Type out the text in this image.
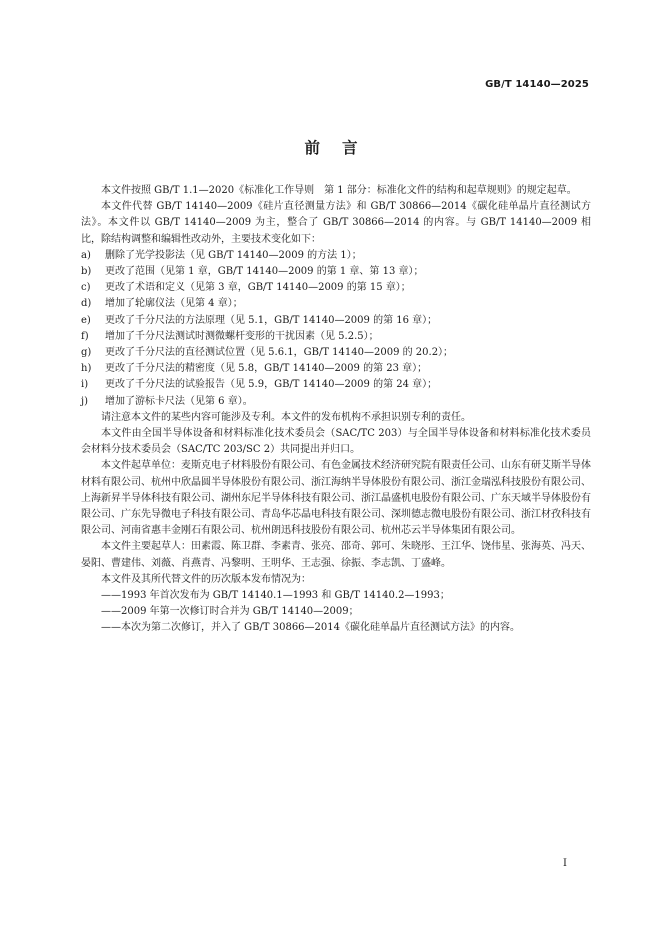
GB/T 14140—2025
前言

本文件按照 GB/T 1.1—2020《标准化工作导则　第 1 部分：标准化文件的结构和起草规则》的规定起草。

本文件代替 GB/T 14140—2009《硅片直径测量方法》和 GB/T 30866—2014《碳化硅单晶片直径测试方法》。本文件以 GB/T 14140—2009 为主，整合了 GB/T 30866—2014 的内容。与 GB/T 14140—2009 相比，除结构调整和编辑性改动外，主要技术变化如下：

a)	删除了光学投影法（见 GB/T 14140—2009 的方法 1）；
b)	更改了范围（见第 1 章，GB/T 14140—2009 的第 1 章、第 13 章）；
c)	更改了术语和定义（见第 3 章，GB/T 14140—2009 的第 15 章）；
d)	增加了轮廓仪法（见第 4 章）；
e)	更改了千分尺法的方法原理（见 5.1，GB/T 14140—2009 的第 16 章）；
f)	增加了千分尺法测试时测微螺杆变形的干扰因素（见 5.2.5）；
g)	更改了千分尺法的直径测试位置（见 5.6.1，GB/T 14140—2009 的 20.2）；
h)	更改了千分尺法的精密度（见 5.8，GB/T 14140—2009 的第 23 章）；
i)	更改了千分尺法的试验报告（见 5.9，GB/T 14140—2009 的第 24 章）；
j)	增加了游标卡尺法（见第 6 章）。

请注意本文件的某些内容可能涉及专利。本文件的发布机构不承担识别专利的责任。

本文件由全国半导体设备和材料标准化技术委员会（SAC/TC 203）与全国半导体设备和材料标准化技术委员会材料分技术委员会（SAC/TC 203/SC 2）共同提出并归口。

本文件起草单位：麦斯克电子材料股份有限公司、有色金属技术经济研究院有限责任公司、山东有研艾斯半导体材料有限公司、杭州中欣晶圆半导体股份有限公司、浙江海纳半导体股份有限公司、浙江金瑞泓科技股份有限公司、上海新昇半导体科技有限公司、湖州东尼半导体科技有限公司、浙江晶盛机电股份有限公司、广东天域半导体股份有限公司、广东先导微电子科技有限公司、青岛华芯晶电科技有限公司、深圳德志微电股份有限公司、浙江材孜科技有限公司、河南省惠丰金刚石有限公司、杭州朗迅科技股份有限公司、杭州芯云半导体集团有限公司。

本文件主要起草人：田素霞、陈卫群、李素青、张亮、邵奇、郭可、朱晓彤、王江华、饶伟星、张海英、冯天、晏阳、曹建伟、刘薇、肖燕青、冯黎明、王明华、王志强、徐振、李志凯、丁盛峰。

本文件及其所代替文件的历次版本发布情况为：

——1993 年首次发布为 GB/T 14140.1—1993 和 GB/T 14140.2—1993；
——2009 年第一次修订时合并为 GB/T 14140—2009；
——本次为第二次修订，并入了 GB/T 30866—2014《碳化硅单晶片直径测试方法》的内容。
I
